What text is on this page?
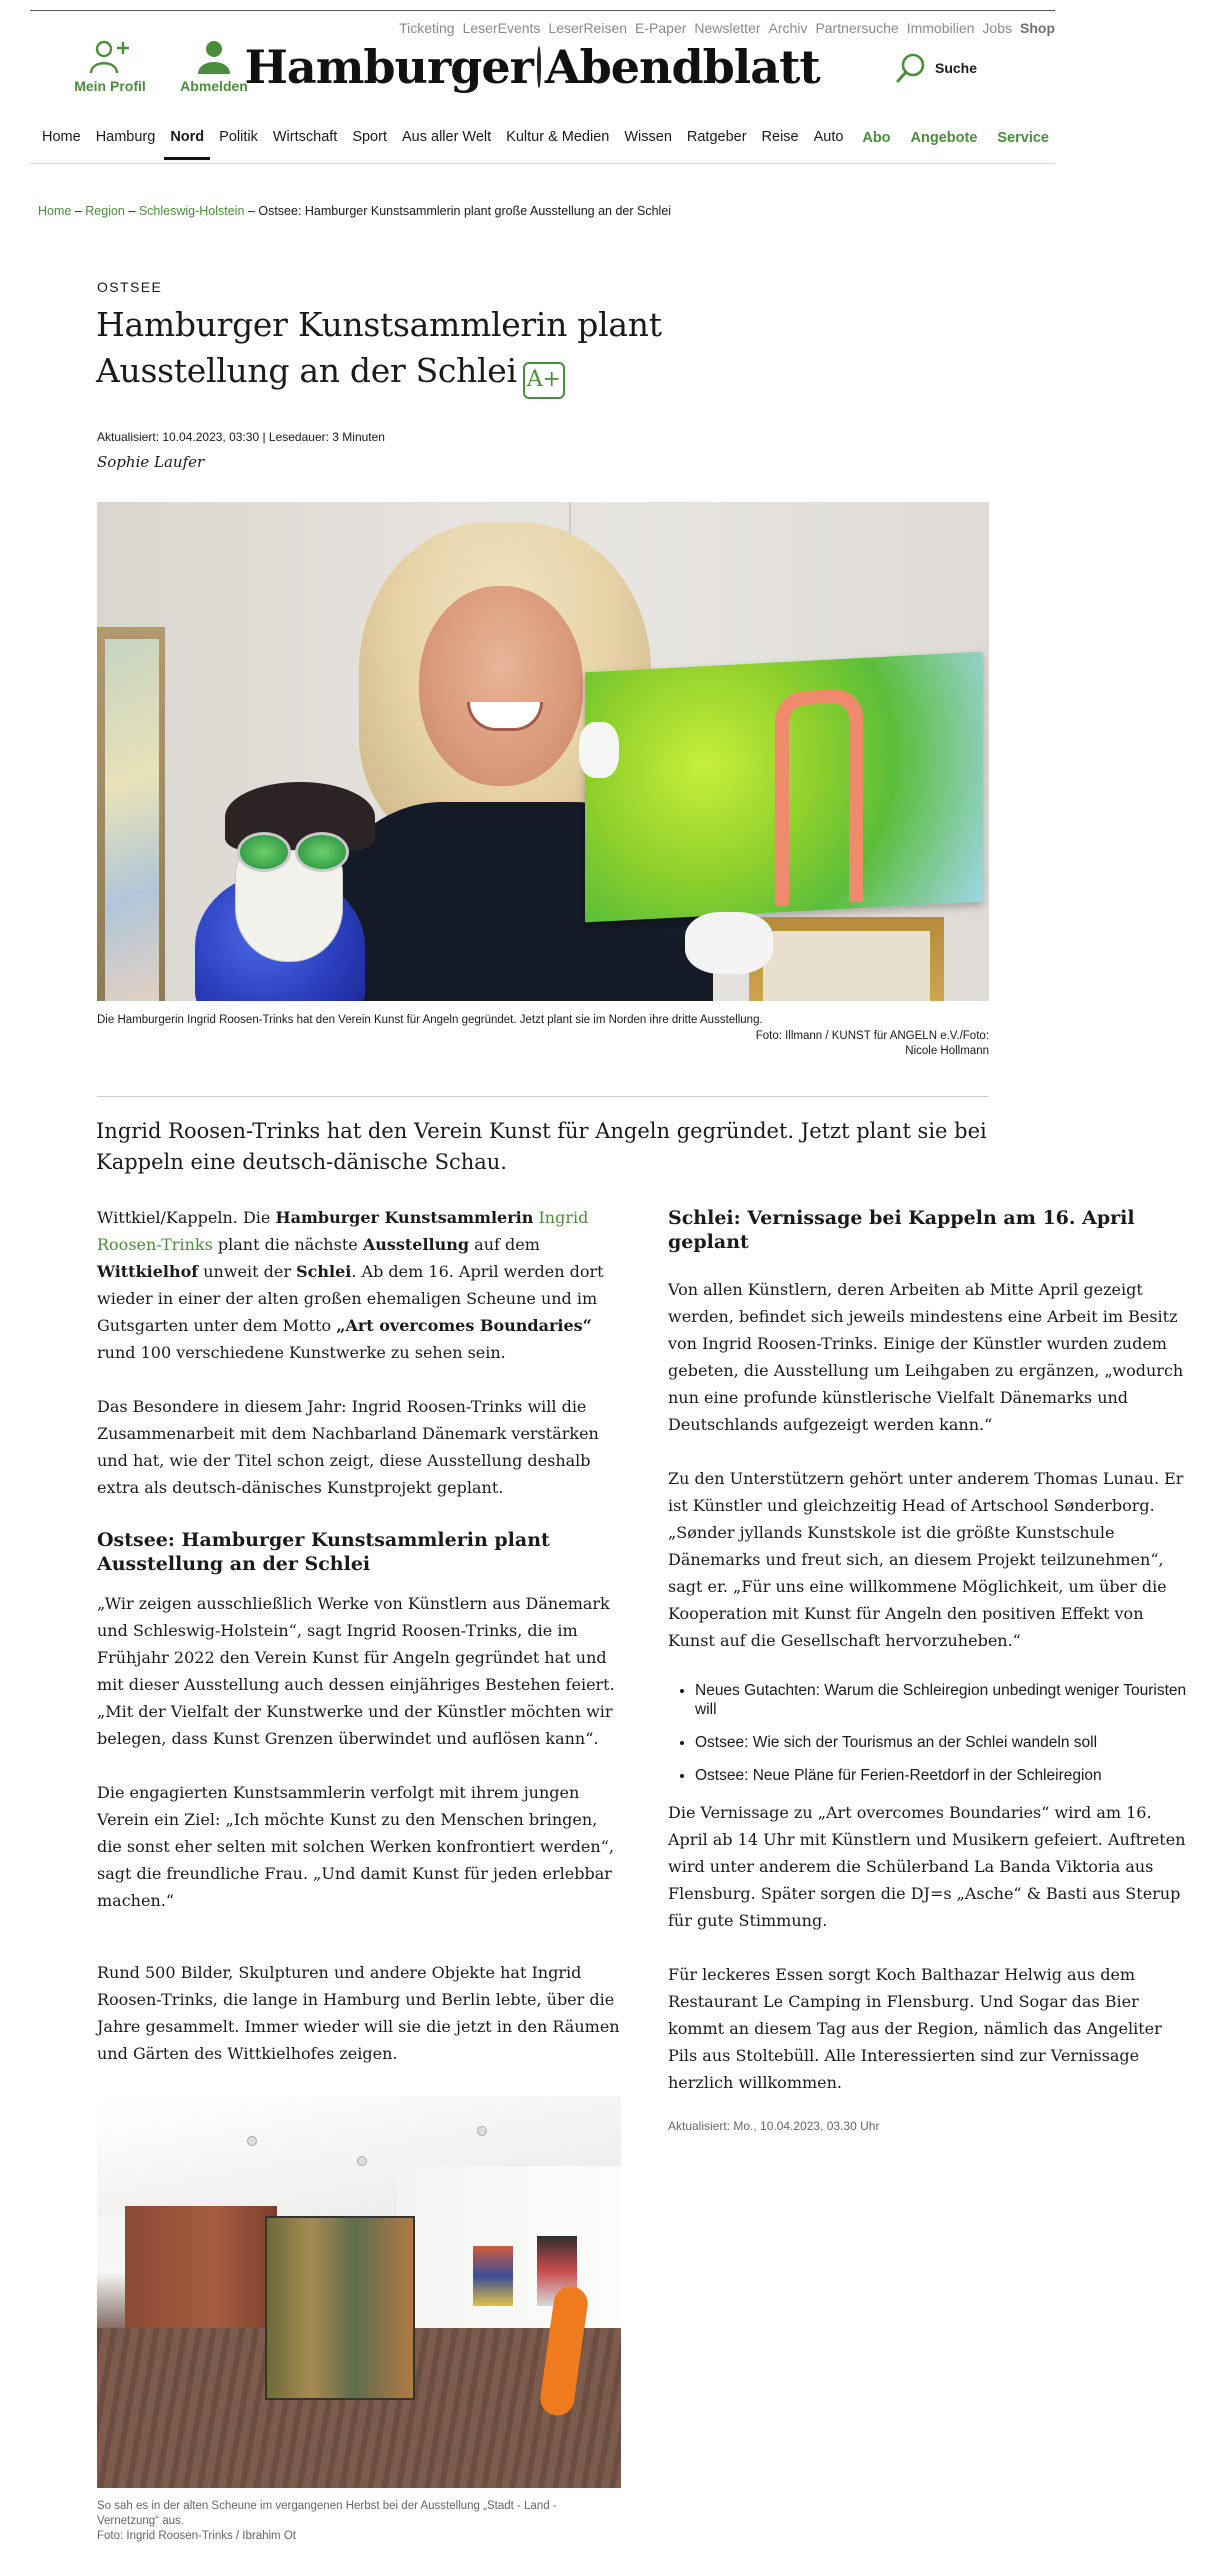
Ticketing LeserEvents LeserReisen E-Paper Newsletter Archiv Partnersuche Immobilien Jobs Shop
Mein Profil Abmelden
Hamburger Abendblatt	Suche
Home	Hamburg	Nord	Politik	Wirtschaft	Sport	Aus aller Welt	Kultur & Medien	Wissen	Ratgeber	Reise	Auto	Abo Angebote Service
Home – Region – Schleswig-Holstein – Ostsee: Hamburger Kunstsammlerin plant große Ausstellung an der Schlei
OSTSEE
Hamburger Kunstsammlerin plant Ausstellung an der Schlei A+
Aktualisiert: 10.04.2023, 03:30 | Lesedauer: 3 Minuten
Sophie Laufer
Die Hamburgerin Ingrid Roosen-Trinks hat den Verein Kunst für Angeln gegründet. Jetzt plant sie im Norden ihre dritte Ausstellung.
Foto: Illmann / KUNST für ANGELN e.V./Foto: Nicole Hollmann

Ingrid Roosen-Trinks hat den Verein Kunst für Angeln gegründet. Jetzt plant sie bei Kappeln eine deutsch-dänische Schau.

Wittkiel/Kappeln. Die Hamburger Kunstsammlerin Ingrid Roosen-Trinks plant die nächste Ausstellung auf dem Wittkielhof unweit der Schlei. Ab dem 16. April werden dort wieder in einer der alten großen ehemaligen Scheune und im Gutsgarten unter dem Motto „Art overcomes Boundaries“ rund 100 verschiedene Kunstwerke zu sehen sein.

Das Besondere in diesem Jahr: Ingrid Roosen-Trinks will die Zusammenarbeit mit dem Nachbarland Dänemark verstärken und hat, wie der Titel schon zeigt, diese Ausstellung deshalb extra als deutsch-dänisches Kunstprojekt geplant.

Ostsee: Hamburger Kunstsammlerin plant Ausstellung an der Schlei

„Wir zeigen ausschließlich Werke von Künstlern aus Dänemark und Schleswig-Holstein“, sagt Ingrid Roosen-Trinks, die im Frühjahr 2022 den Verein Kunst für Angeln gegründet hat und mit dieser Ausstellung auch dessen einjähriges Bestehen feiert. „Mit der Vielfalt der Kunstwerke und der Künstler möchten wir belegen, dass Kunst Grenzen überwindet und auflösen kann“.

Die engagierten Kunstsammlerin verfolgt mit ihrem jungen Verein ein Ziel: „Ich möchte Kunst zu den Menschen bringen, die sonst eher selten mit solchen Werken konfrontiert werden“, sagt die freundliche Frau. „Und damit Kunst für jeden erlebbar machen.“

Rund 500 Bilder, Skulpturen und andere Objekte hat Ingrid Roosen-Trinks, die lange in Hamburg und Berlin lebte, über die Jahre gesammelt. Immer wieder will sie die jetzt in den Räumen und Gärten des Wittkielhofes zeigen.

So sah es in der alten Scheune im vergangenen Herbst bei der Ausstellung „Stadt - Land - Vernetzung“ aus.
Foto: Ingrid Roosen-Trinks / Ibrahim Ot
Schlei: Vernissage bei Kappeln am 16. April geplant

Von allen Künstlern, deren Arbeiten ab Mitte April gezeigt werden, befindet sich jeweils mindestens eine Arbeit im Besitz von Ingrid Roosen-Trinks. Einige der Künstler wurden zudem gebeten, die Ausstellung um Leihgaben zu ergänzen, „wodurch nun eine profunde künstlerische Vielfalt Dänemarks und Deutschlands aufgezeigt werden kann.“

Zu den Unterstützern gehört unter anderem Thomas Lunau. Er ist Künstler und gleichzeitig Head of Artschool Sønderborg. „Sønder jyllands Kunstskole ist die größte Kunstschule Dänemarks und freut sich, an diesem Projekt teilzunehmen“, sagt er. „Für uns eine willkommene Möglichkeit, um über die Kooperation mit Kunst für Angeln den positiven Effekt von Kunst auf die Gesellschaft hervorzuheben.“

• Neues Gutachten: Warum die Schleiregion unbedingt weniger Touristen will
• Ostsee: Wie sich der Tourismus an der Schlei wandeln soll
• Ostsee: Neue Pläne für Ferien-Reetdorf in der Schleiregion

Die Vernissage zu „Art overcomes Boundaries“ wird am 16. April ab 14 Uhr mit Künstlern und Musikern gefeiert. Auftreten wird unter anderem die Schülerband La Banda Viktoria aus Flensburg. Später sorgen die DJ=s „Asche“ & Basti aus Sterup für gute Stimmung.

Für leckeres Essen sorgt Koch Balthazar Helwig aus dem Restaurant Le Camping in Flensburg. Und Sogar das Bier kommt an diesem Tag aus der Region, nämlich das Angeliter Pils aus Stoltebüll. Alle Interessierten sind zur Vernissage herzlich willkommen.

Aktualisiert: Mo., 10.04.2023, 03.30 Uhr
